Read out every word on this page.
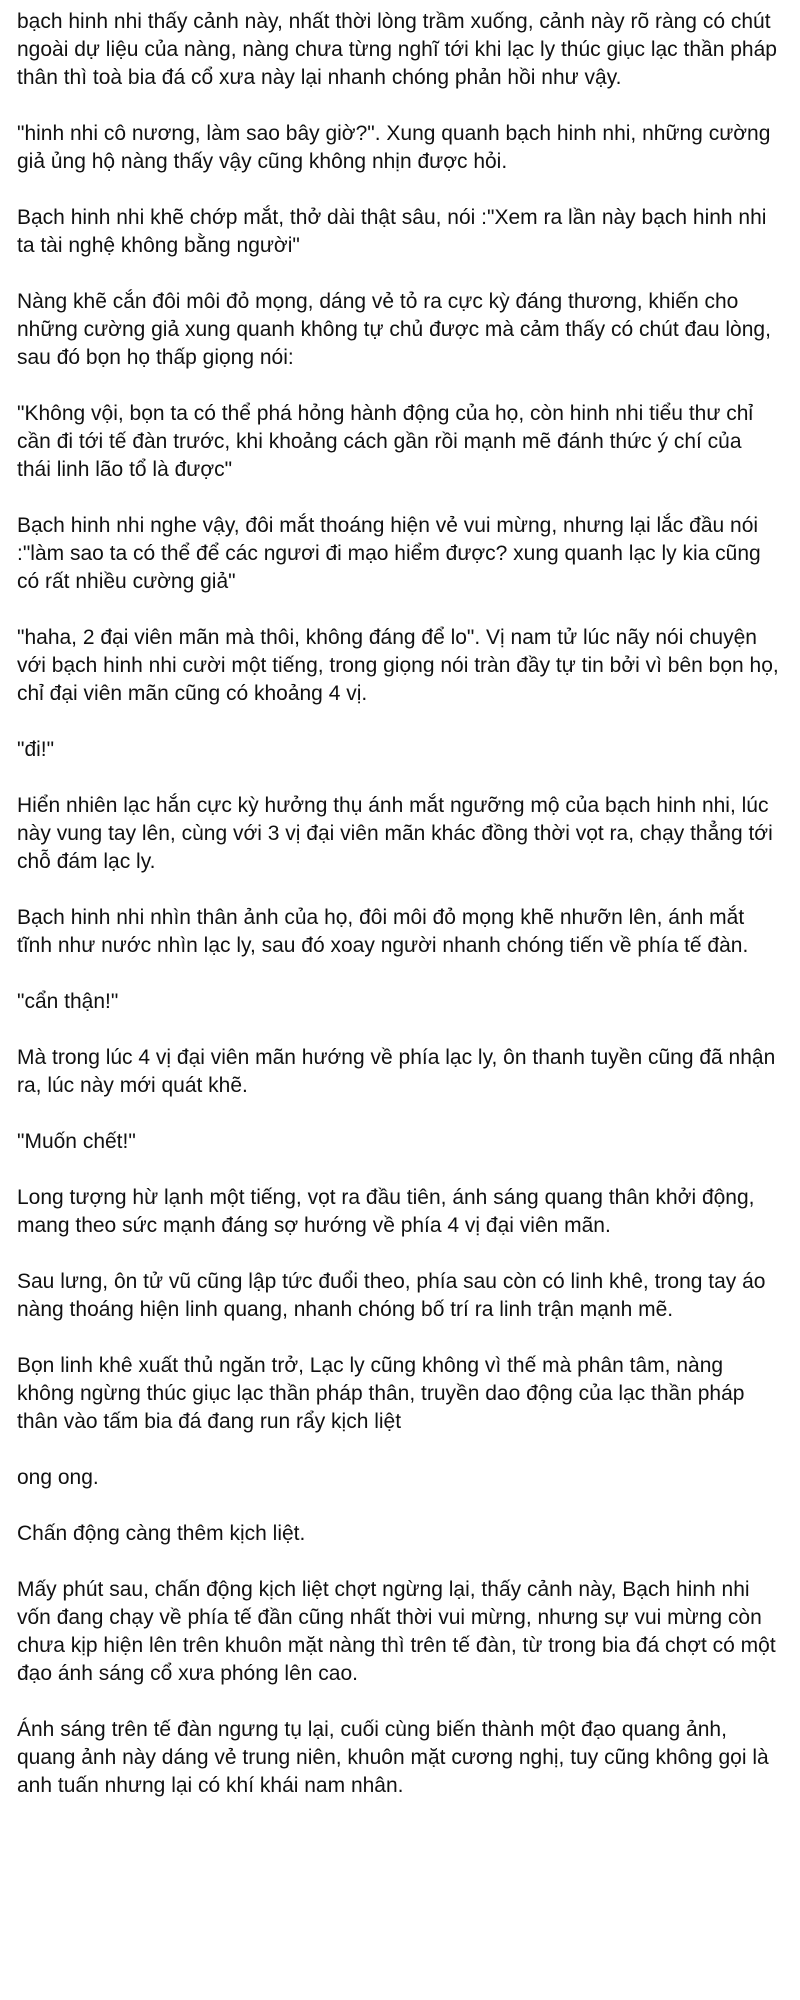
bạch hinh nhi thấy cảnh này, nhất thời lòng trầm xuống, cảnh này rõ ràng có chút ngoài dự liệu của nàng, nàng chưa từng nghĩ tới khi lạc ly thúc giục lạc thần pháp thân thì toà bia đá cổ xưa này lại nhanh chóng phản hồi như vậy.

"hinh nhi cô nương, làm sao bây giờ?". Xung quanh bạch hinh nhi, những cường giả ủng hộ nàng thấy vậy cũng không nhịn được hỏi.

Bạch hinh nhi khẽ chớp mắt, thở dài thật sâu, nói :"Xem ra lần này bạch hinh nhi ta tài nghệ không bằng người"

Nàng khẽ cắn đôi môi đỏ mọng, dáng vẻ tỏ ra cực kỳ đáng thương, khiến cho những cường giả xung quanh không tự chủ được mà cảm thấy có chút đau lòng, sau đó bọn họ thấp giọng nói:

"Không vội, bọn ta có thể phá hỏng hành động của họ, còn hinh nhi tiểu thư chỉ cần đi tới tế đàn trước, khi khoảng cách gần rồi mạnh mẽ đánh thức ý chí của thái linh lão tổ là được"

Bạch hinh nhi nghe vậy, đôi mắt thoáng hiện vẻ vui mừng, nhưng lại lắc đầu nói :"làm sao ta có thể để các ngươi đi mạo hiểm được? xung quanh lạc ly kia cũng có rất nhiều cường giả"

"haha, 2 đại viên mãn mà thôi, không đáng để lo". Vị nam tử lúc nãy nói chuyện với bạch hinh nhi cười một tiếng, trong giọng nói tràn đầy tự tin bởi vì bên bọn họ, chỉ đại viên mãn cũng có khoảng 4 vị.

"đi!"

Hiển nhiên lạc hắn cực kỳ hưởng thụ ánh mắt ngưỡng mộ của bạch hinh nhi, lúc này vung tay lên, cùng với 3 vị đại viên mãn khác đồng thời vọt ra, chạy thẳng tới chỗ đám lạc ly.

Bạch hinh nhi nhìn thân ảnh của họ, đôi môi đỏ mọng khẽ nhưỡn lên, ánh mắt tĩnh như nước nhìn lạc ly, sau đó xoay người nhanh chóng tiến về phía tế đàn.

"cẩn thận!"

Mà trong lúc 4 vị đại viên mãn hướng về phía lạc ly, ôn thanh tuyền cũng đã nhận ra, lúc này mới quát khẽ.

"Muốn chết!"

Long tượng hừ lạnh một tiếng, vọt ra đầu tiên, ánh sáng quang thân khởi động, mang theo sức mạnh đáng sợ hướng về phía 4 vị đại viên mãn.

Sau lưng, ôn tử vũ cũng lập tức đuổi theo, phía sau còn có linh khê, trong tay áo nàng thoáng hiện linh quang, nhanh chóng bố trí ra linh trận mạnh mẽ.

Bọn linh khê xuất thủ ngăn trở, Lạc ly cũng không vì thế mà phân tâm, nàng không ngừng thúc giục lạc thần pháp thân, truyền dao động của lạc thần pháp thân vào tấm bia đá đang run rẩy kịch liệt

ong ong.

Chấn động càng thêm kịch liệt.

Mấy phút sau, chấn động kịch liệt chợt ngừng lại, thấy cảnh này, Bạch hinh nhi vốn đang chạy về phía tế đần cũng nhất thời vui mừng, nhưng sự vui mừng còn chưa kịp hiện lên trên khuôn mặt nàng thì trên tế đàn, từ trong bia đá chợt có một đạo ánh sáng cổ xưa phóng lên cao.

Ánh sáng trên tế đàn ngưng tụ lại, cuối cùng biến thành một đạo quang ảnh, quang ảnh này dáng vẻ trung niên, khuôn mặt cương nghị, tuy cũng không gọi là anh tuấn nhưng lại có khí khái nam nhân.
